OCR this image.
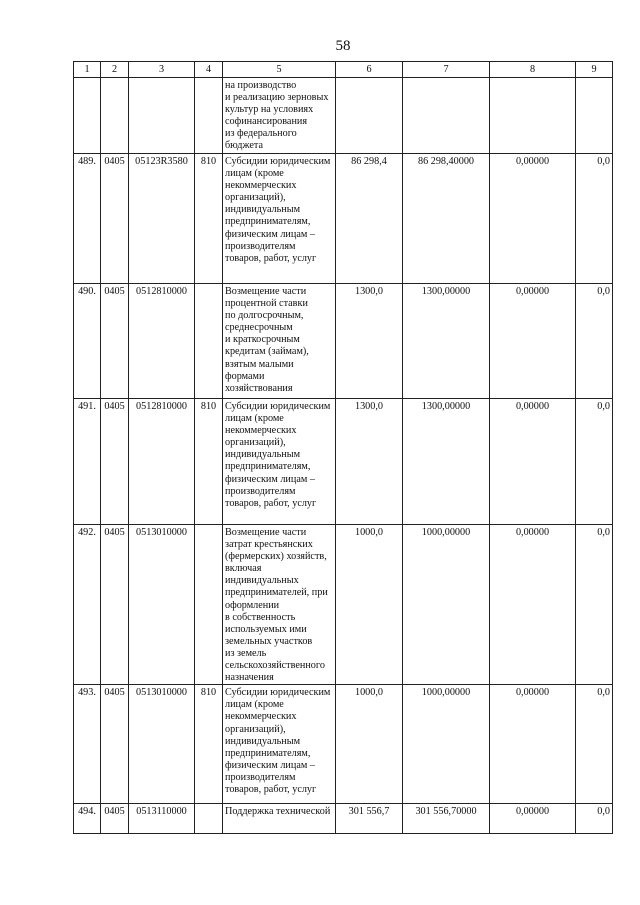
58
1	2	3	4	5	6	7	8	9
				на производство
и реализацию зерновых культур на условиях софинансирования
из федерального бюджета				
489.	0405	05123R3580	810	Субсидии юридическим лицам (кроме некоммерческих организаций), индивидуальным предпринимателям, физическим лицам – производителям товаров, работ, услуг	86 298,4	86 298,40000	0,00000	0,0
490.	0405	0512810000		Возмещение части процентной ставки
по долгосрочным, среднесрочным
и краткосрочным кредитам (займам), взятым малыми формами хозяйствования	1300,0	1300,00000	0,00000	0,0
491.	0405	0512810000	810	Субсидии юридическим лицам (кроме некоммерческих организаций), индивидуальным предпринимателям, физическим лицам – производителям товаров, работ, услуг	1300,0	1300,00000	0,00000	0,0
492.	0405	0513010000		Возмещение части затрат крестьянских (фермерских) хозяйств, включая индивидуальных предпринимателей, при оформлении
в собственность используемых ими земельных участков
из земель сельскохозяйственного назначения	1000,0	1000,00000	0,00000	0,0
493.	0405	0513010000	810	Субсидии юридическим лицам (кроме некоммерческих организаций), индивидуальным предпринимателям, физическим лицам – производителям товаров, работ, услуг	1000,0	1000,00000	0,00000	0,0
494.	0405	0513110000		Поддержка технической	301 556,7	301 556,70000	0,00000	0,0
